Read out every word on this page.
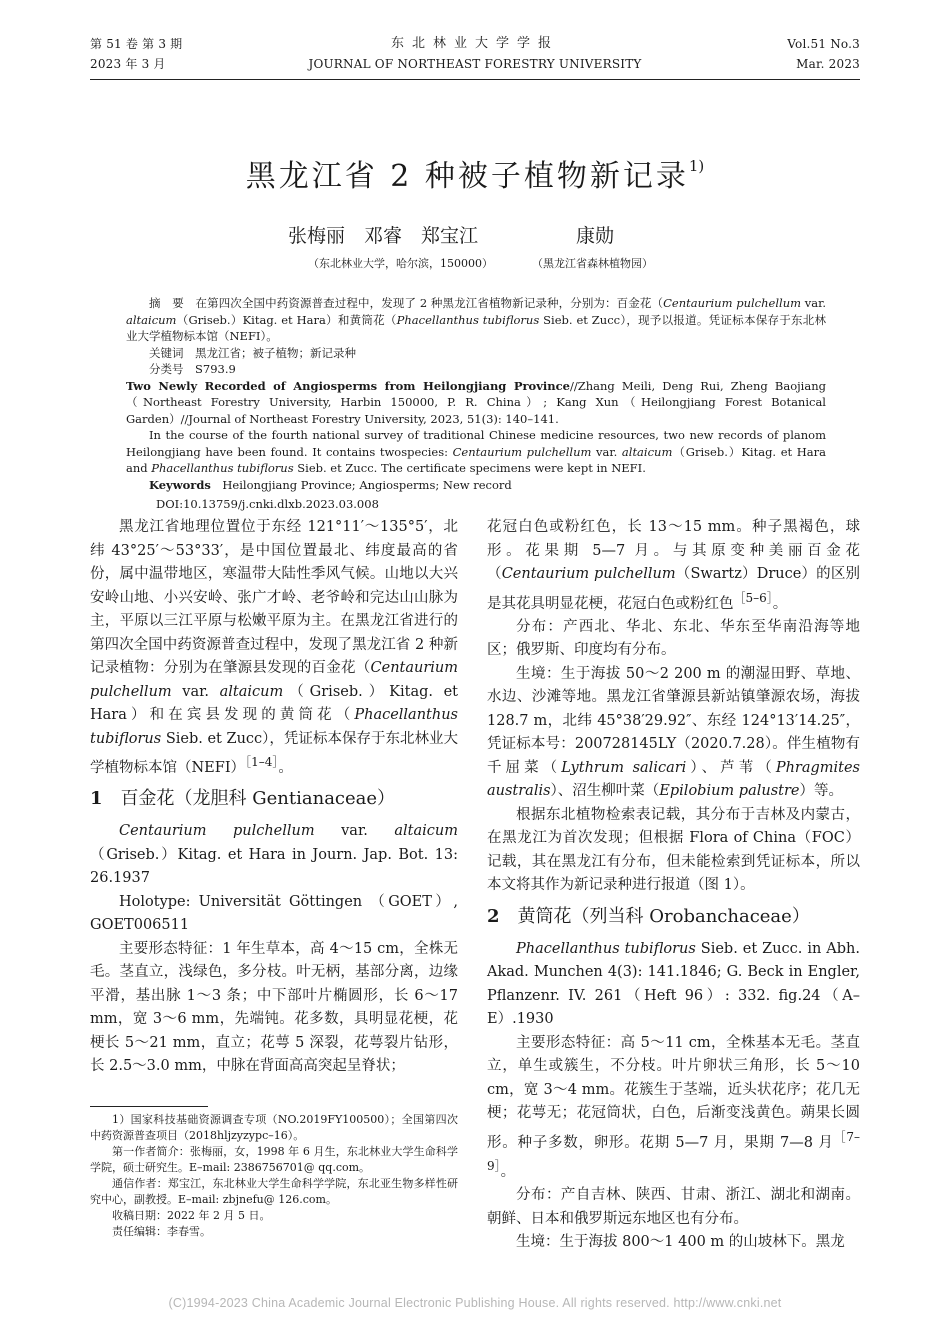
第 51 卷 第 3 期
2023 年 3 月
东北林业大学学报
JOURNAL OF NORTHEAST FORESTRY UNIVERSITY
Vol.51 No.3
Mar. 2023
黑龙江省 2 种被子植物新记录$^{1)}$
张梅丽　邓睿　郑宝江	康勋
（东北林业大学，哈尔滨，150000）	（黑龙江省森林植物园）

摘　要　 在第四次全国中药资源普查过程中，发现了 2 种黑龙江省植物新记录种，分别为：百金花（Centaurium pulchellum var. altaicum（Griseb.）Kitag. et Hara）和黄筒花（Phacellanthus tubiflorus Sieb. et Zucc），现予以报道。凭证标本保存于东北林业大学植物标本馆（NEFI）。

关键词　 黑龙江省；被子植物；新记录种

分类号　 S793.9

Two Newly Recorded of Angiosperms from Heilongjiang Province//Zhang Meili, Deng Rui, Zheng Baojiang（Northeast Forestry University, Harbin 150000, P. R. China）; Kang Xun（Heilongjiang Forest Botanical Garden）//Journal of Northeast Forestry University, 2023, 51(3): 140–141.

In the course of the fourth national survey of traditional Chinese medicine resources, two new records of planom Heilongjiang have been found. It contains twospecies: Centaurium pulchellum var. altaicum（Griseb.）Kitag. et Hara and Phacellanthus tubiflorus Sieb. et Zucc. The certificate specimens were kept in NEFI.

Keywords　 Heilongjiang Province; Angiosperms; New record

DOI:10.13759/j.cnki.dlxb.2023.03.008

黑龙江省地理位置位于东经 121°11′～135°5′，北纬 43°25′～53°33′，是中国位置最北、纬度最高的省份，属中温带地区，寒温带大陆性季风气候。山地以大兴安岭山地、小兴安岭、张广才岭、老爷岭和完达山山脉为主，平原以三江平原与松嫩平原为主。在黑龙江省进行的第四次全国中药资源普查过程中，发现了黑龙江省 2 种新记录植物：分别为在肇源县发现的百金花（Centaurium pulchellum var. altaicum（Griseb.）Kitag. et Hara）和在宾县发现的黄筒花（Phacellanthus tubiflorus Sieb. et Zucc），凭证标本保存于东北林业大学植物标本馆（NEFI）$^{[1-4]}$。

1 百金花（龙胆科 Gentianaceae）

Centaurium pulchellum var. altaicum（Griseb.）Kitag. et Hara in Journ. Jap. Bot. 13: 26.1937

Holotype: Universität Göttingen （GOET）, GOET006511

主要形态特征：1 年生草本，高 4～15 cm，全株无毛。茎直立，浅绿色，多分枝。叶无柄，基部分离，边缘平滑，基出脉 1～3 条；中下部叶片椭圆形，长 6～17 mm，宽 3～6 mm，先端钝。花多数，具明显花梗，花梗长 5～21 mm，直立；花萼 5 深裂，花萼裂片钻形，长 2.5～3.0 mm，中脉在背面高高突起呈脊状；

花冠白色或粉红色，长 13～15 mm。种子黑褐色，球形。花果期 5—7 月。与其原变种美丽百金花（Centaurium pulchellum（Swartz）Druce）的区别是其花具明显花梗，花冠白色或粉红色$^{[5-6]}$。

分布：产西北、华北、东北、华东至华南沿海等地区；俄罗斯、印度均有分布。

生境：生于海拔 50～2 200 m 的潮湿田野、草地、水边、沙滩等地。黑龙江省肇源县新站镇肇源农场，海拔 128.7 m，北纬 45°38′29.92″、东经 124°13′14.25″，凭证标本号：200728145LY（2020.7.28）。伴生植物有千屈菜（Lythrum salicari）、芦苇（Phragmites australis）、沼生柳叶菜（Epilobium palustre）等。

根据东北植物检索表记载，其分布于吉林及内蒙古，在黑龙江为首次发现；但根据 Flora of China（FOC）记载，其在黑龙江有分布，但未能检索到凭证标本，所以本文将其作为新记录种进行报道（图 1）。

2 黄筒花（列当科 Orobanchaceae）

Phacellanthus tubiflorus Sieb. et Zucc. in Abh. Akad. Munchen 4(3): 141.1846; G. Beck in Engler, Pflanzenr. IV. 261（Heft 96）: 332. fig.24（A–E）.1930

主要形态特征：高 5～11 cm，全株基本无毛。茎直立，单生或簇生，不分枝。叶片卵状三角形，长 5～10 cm，宽 3～4 mm。花簇生于茎端，近头状花序；花几无梗；花萼无；花冠筒状，白色，后渐变浅黄色。蒴果长圆形。种子多数，卵形。花期 5—7 月，果期 7—8 月$^{[7-9]}$。

分布：产自吉林、陕西、甘肃、浙江、湖北和湖南。朝鲜、日本和俄罗斯远东地区也有分布。

生境：生于海拔 800～1 400 m 的山坡林下。黑龙

1）国家科技基础资源调查专项（NO.2019FY100500）；全国第四次中药资源普查项目（2018hljzyzypc–16）。

第一作者简介：张梅丽，女，1998 年 6 月生，东北林业大学生命科学学院，硕士研究生。E–mail: 2386756701@ qq.com。

通信作者：郑宝江，东北林业大学生命科学学院，东北亚生物多样性研究中心，副教授。E–mail: zbjnefu@ 126.com。

收稿日期：2022 年 2 月 5 日。

责任编辑：李春雪。

(C)1994-2023 China Academic Journal Electronic Publishing House. All rights reserved. http://www.cnki.net
